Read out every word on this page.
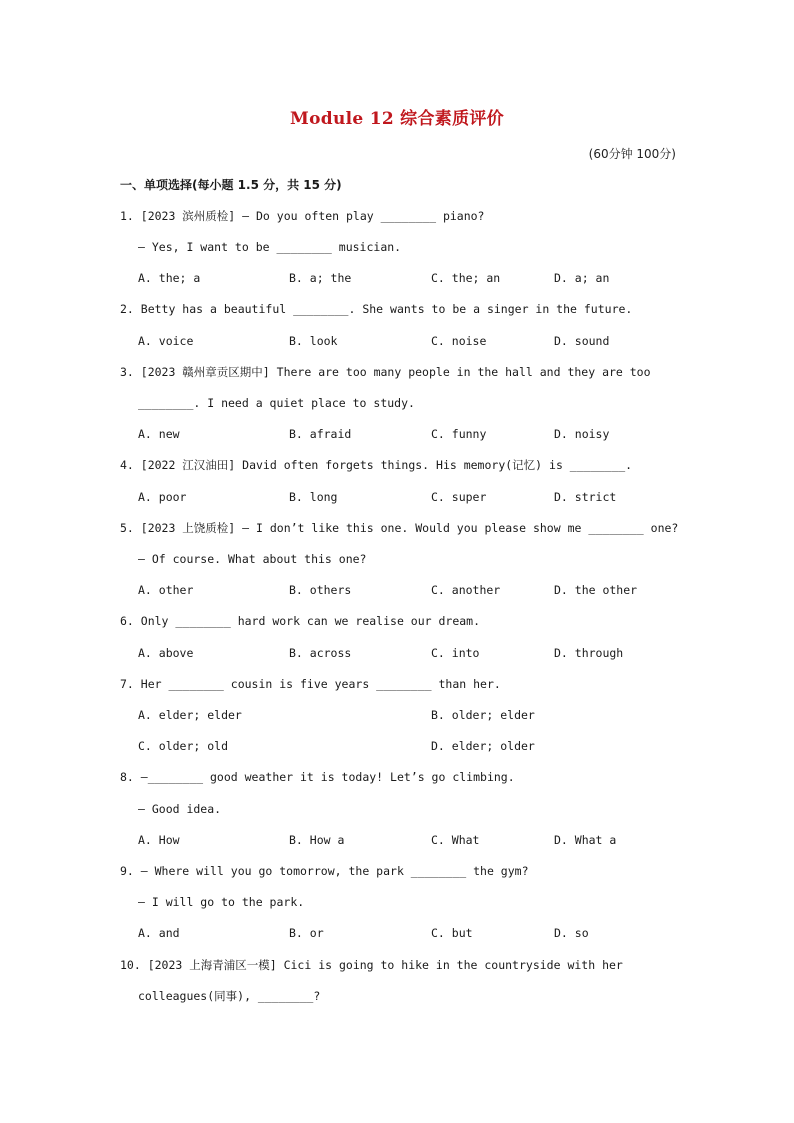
Module 12 综合素质评价
(60分钟 100分)
一、单项选择(每小题 1.5 分，共 15 分)
1. [2023 滨州质检] — Do you often play ________ piano?
— Yes, I want to be ________ musician.
A. the; a	B. a; the	C. the; an	D. a; an
2. Betty has a beautiful ________. She wants to be a singer in the future.
A. voice	B. look	C. noise	D. sound
3. [2023 赣州章贡区期中] There are too many people in the hall and they are too
________. I need a quiet place to study.
A. new	B. afraid	C. funny	D. noisy
4. [2022 江汉油田] David often forgets things. His memory(记忆) is ________.
A. poor	B. long	C. super	D. strict
5. [2023 上饶质检] — I don’t like this one. Would you please show me ________ one?
— Of course. What about this one?
A. other	B. others	C. another	D. the other
6. Only ________ hard work can we realise our dream.
A. above	B. across	C. into	D. through
7. Her ________ cousin is five years ________ than her.
A. elder; elder	B. older; elder
C. older; old	D. elder; older
8. —________ good weather it is today! Let’s go climbing.
— Good idea.
A. How	B. How a	C. What	D. What a
9. — Where will you go tomorrow, the park ________ the gym?
— I will go to the park.
A. and	B. or	C. but	D. so
10. [2023 上海青浦区一模] Cici is going to hike in the countryside with her
colleagues(同事), ________?
